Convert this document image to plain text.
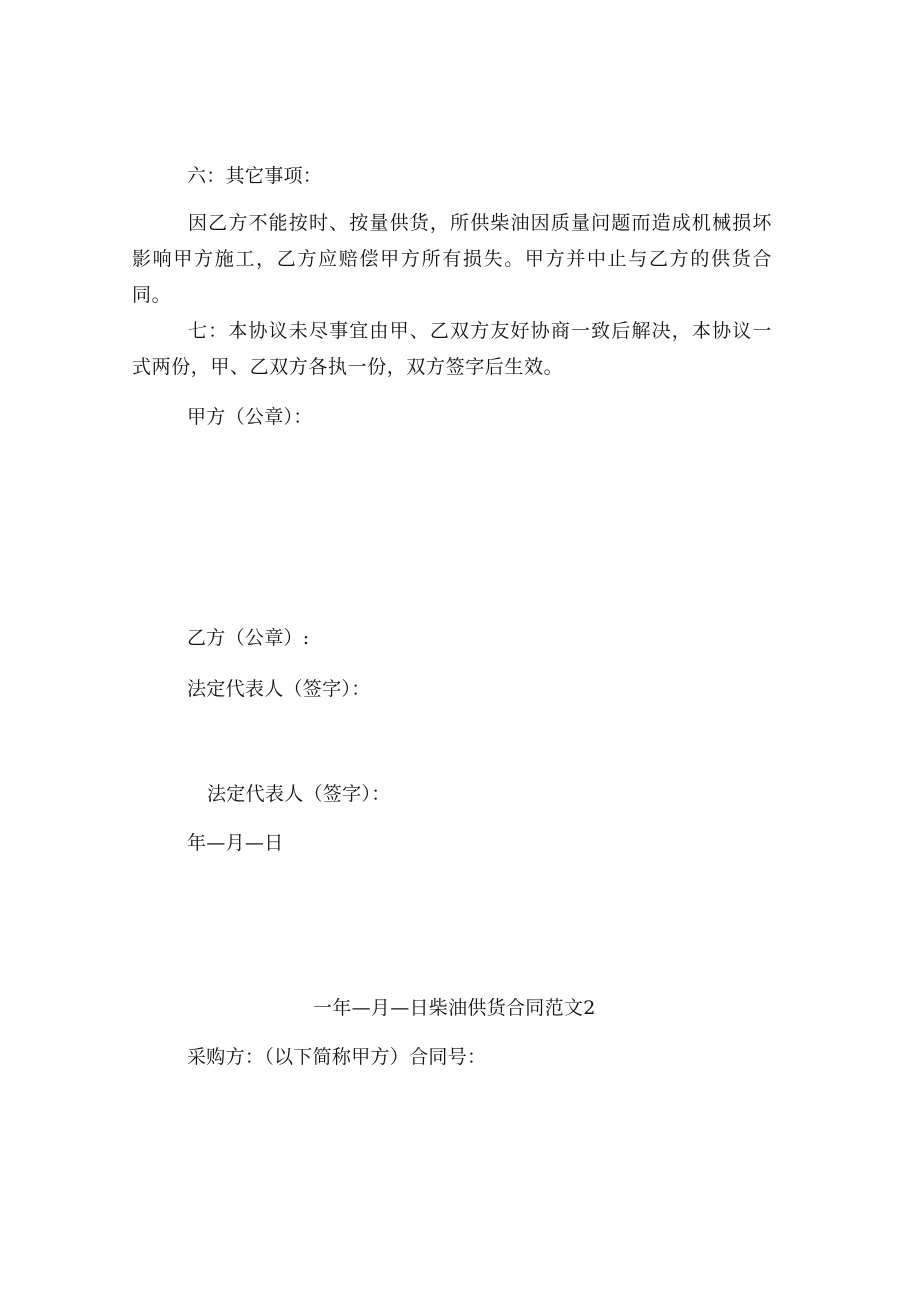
六：其它事项：
因乙方不能按时、按量供货，所供柴油因质量问题而造成机械损坏影响甲方施工，乙方应赔偿甲方所有损失。甲方并中止与乙方的供货合同。
七：本协议未尽事宜由甲、乙双方友好协商一致后解决，本协议一式两份，甲、乙双方各执一份，双方签字后生效。
甲方（公章）：
乙方（公章）:
法定代表人（签字）：
法定代表人（签字）：
年—月—日
一年—月—日柴油供货合同范文2
采购方：（以下简称甲方）合同号：
